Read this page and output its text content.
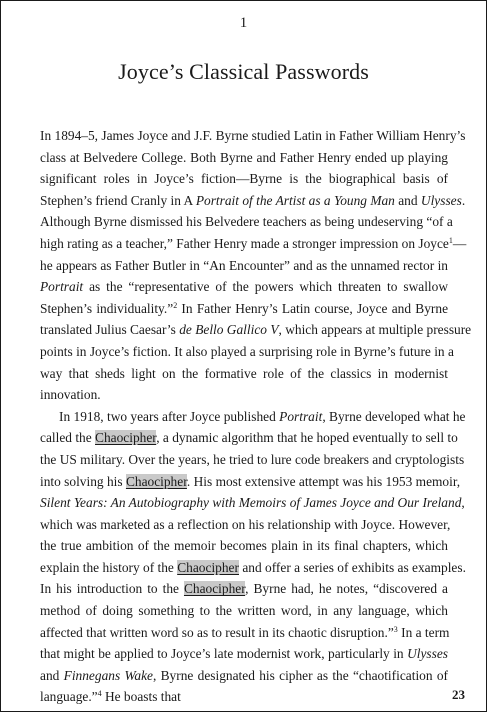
1
Joyce’s Classical Passwords
In 1894–5, James Joyce and J.F. Byrne studied Latin in Father William Henry’s
class at Belvedere College. Both Byrne and Father Henry ended up playing
significant roles in Joyce’s fiction—Byrne is the biographical basis of
Stephen’s friend Cranly in A Portrait of the Artist as a Young Man and Ulysses.
Although Byrne dismissed his Belvedere teachers as being undeserving “of a
high rating as a teacher,” Father Henry made a stronger impression on Joyce$^1$—
he appears as Father Butler in “An Encounter” and as the unnamed rector in
Portrait as the “representative of the powers which threaten to swallow
Stephen’s individuality.”$^2$ In Father Henry’s Latin course, Joyce and Byrne
translated Julius Caesar’s de Bello Gallico V, which appears at multiple pressure
points in Joyce’s fiction. It also played a surprising role in Byrne’s future in a
way that sheds light on the formative role of the classics in modernist
innovation.
In 1918, two years after Joyce published Portrait, Byrne developed what he
called the Chaocipher, a dynamic algorithm that he hoped eventually to sell to
the US military. Over the years, he tried to lure code breakers and cryptologists
into solving his Chaocipher. His most extensive attempt was his 1953 memoir,
Silent Years: An Autobiography with Memoirs of James Joyce and Our Ireland,
which was marketed as a reflection on his relationship with Joyce. However,
the true ambition of the memoir becomes plain in its final chapters, which
explain the history of the Chaocipher and offer a series of exhibits as examples.
In his introduction to the Chaocipher, Byrne had, he notes, “discovered a
method of doing something to the written word, in any language, which
affected that written word so as to result in its chaotic disruption.”$^3$ In a term
that might be applied to Joyce’s late modernist work, particularly in Ulysses
and Finnegans Wake, Byrne designated his cipher as the “chaotification of
language.”$^4$ He boasts that	23
